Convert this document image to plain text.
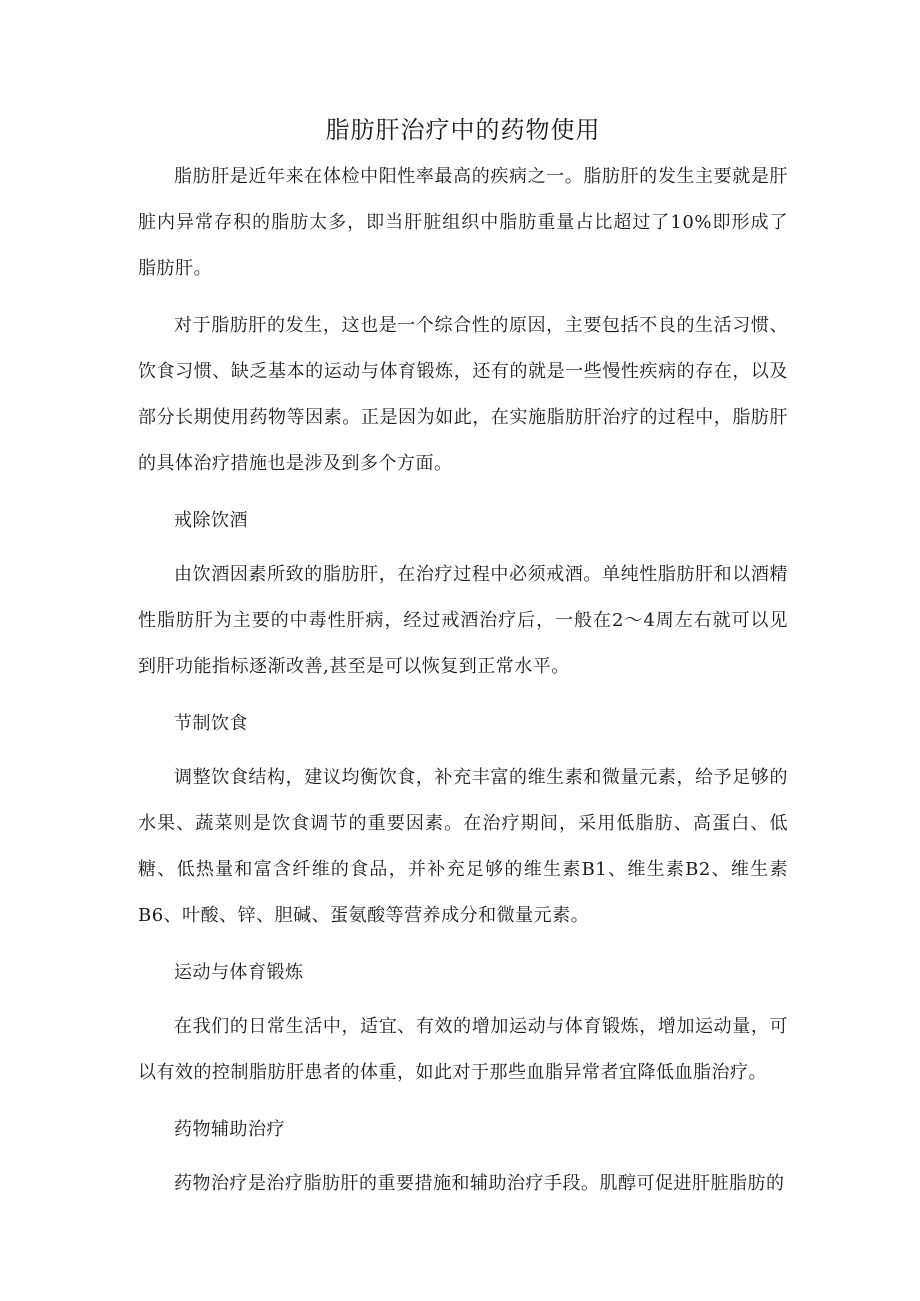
脂肪肝治疗中的药物使用

脂肪肝是近年来在体检中阳性率最高的疾病之一。脂肪肝的发生主要就是肝脏内异常存积的脂肪太多，即当肝脏组织中脂肪重量占比超过了10%即形成了脂肪肝。

对于脂肪肝的发生，这也是一个综合性的原因，主要包括不良的生活习惯、饮食习惯、缺乏基本的运动与体育锻炼，还有的就是一些慢性疾病的存在，以及部分长期使用药物等因素。正是因为如此，在实施脂肪肝治疗的过程中，脂肪肝的具体治疗措施也是涉及到多个方面。

戒除饮酒

由饮酒因素所致的脂肪肝，在治疗过程中必须戒酒。单纯性脂肪肝和以酒精性脂肪肝为主要的中毒性肝病，经过戒酒治疗后，一般在2～4周左右就可以见到肝功能指标逐渐改善,甚至是可以恢复到正常水平。

节制饮食

调整饮食结构，建议均衡饮食，补充丰富的维生素和微量元素，给予足够的水果、蔬菜则是饮食调节的重要因素。在治疗期间，采用低脂肪、高蛋白、低糖、低热量和富含纤维的食品，并补充足够的维生素B1、维生素B2、维生素B6、叶酸、锌、胆碱、蛋氨酸等营养成分和微量元素。

运动与体育锻炼

在我们的日常生活中，适宜、有效的增加运动与体育锻炼，增加运动量，可以有效的控制脂肪肝患者的体重，如此对于那些血脂异常者宜降低血脂治疗。

药物辅助治疗

药物治疗是治疗脂肪肝的重要措施和辅助治疗手段。肌醇可促进肝脏脂肪的
